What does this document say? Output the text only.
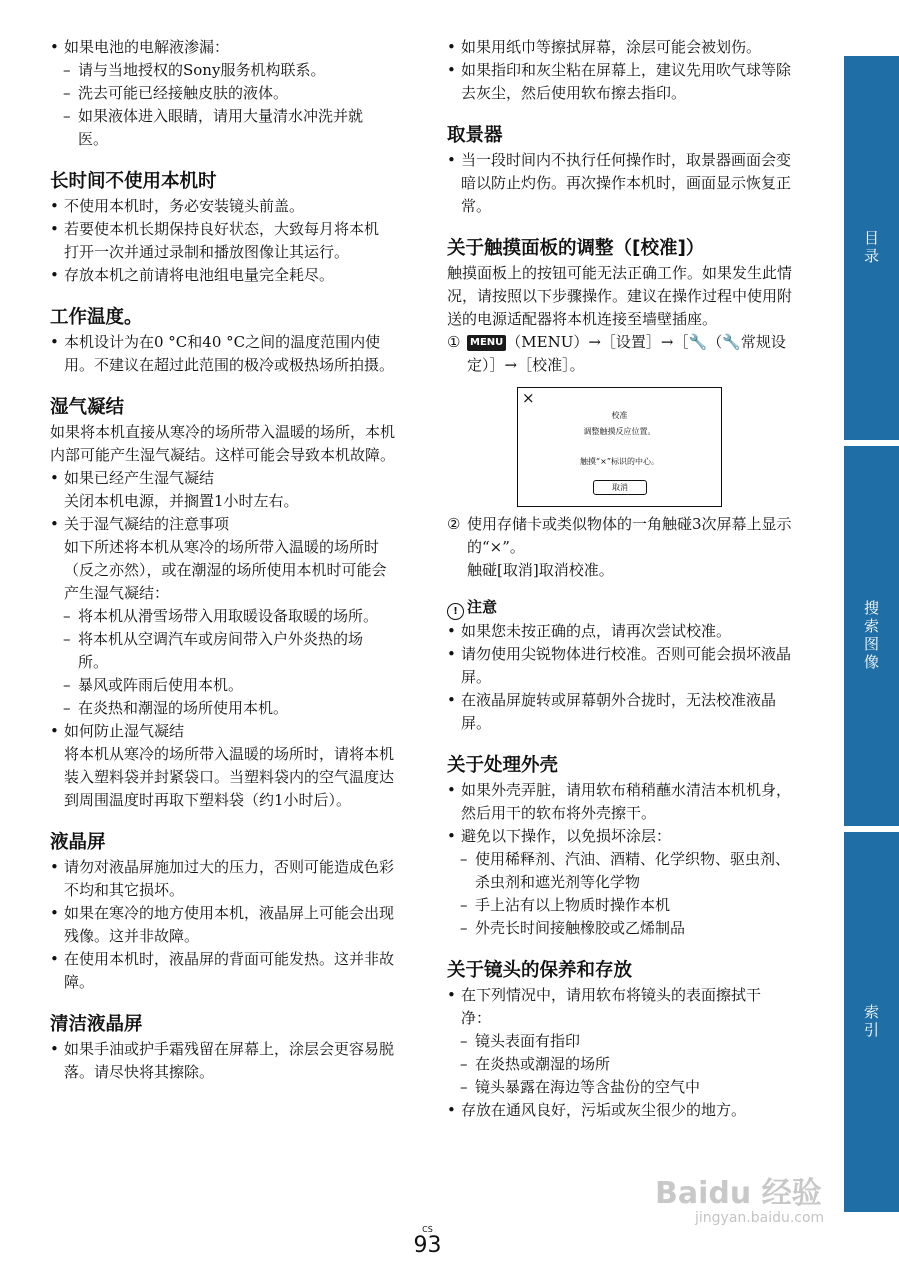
• 如果电池的电解液渗漏：
– 请与当地授权的Sony服务机构联系。
– 洗去可能已经接触皮肤的液体。
– 如果液体进入眼睛，请用大量清水冲洗并就医。
长时间不使用本机时
• 不使用本机时，务必安装镜头前盖。
• 若要使本机长期保持良好状态，大致每月将本机打开一次并通过录制和播放图像让其运行。
• 存放本机之前请将电池组电量完全耗尽。
工作温度。
• 本机设计为在0 °C和40 °C之间的温度范围内使用。不建议在超过此范围的极冷或极热场所拍摄。
湿气凝结

如果将本机直接从寒冷的场所带入温暖的场所，本机内部可能产生湿气凝结。这样可能会导致本机故障。

• 如果已经产生湿气凝结
关闭本机电源，并搁置1小时左右。
• 关于湿气凝结的注意事项
如下所述将本机从寒冷的场所带入温暖的场所时（反之亦然），或在潮湿的场所使用本机时可能会产生湿气凝结：
– 将本机从滑雪场带入用取暖设备取暖的场所。
– 将本机从空调汽车或房间带入户外炎热的场所。
– 暴风或阵雨后使用本机。
– 在炎热和潮湿的场所使用本机。
• 如何防止湿气凝结
将本机从寒冷的场所带入温暖的场所时，请将本机装入塑料袋并封紧袋口。当塑料袋内的空气温度达到周围温度时再取下塑料袋（约1小时后）。
液晶屏
• 请勿对液晶屏施加过大的压力，否则可能造成色彩不均和其它损坏。
• 如果在寒冷的地方使用本机，液晶屏上可能会出现残像。这并非故障。
• 在使用本机时，液晶屏的背面可能发热。这并非故障。
清洁液晶屏
• 如果手油或护手霜残留在屏幕上，涂层会更容易脱落。请尽快将其擦除。
• 如果用纸巾等擦拭屏幕，涂层可能会被划伤。
• 如果指印和灰尘粘在屏幕上，建议先用吹气球等除去灰尘，然后使用软布擦去指印。
取景器
• 当一段时间内不执行任何操作时，取景器画面会变暗以防止灼伤。再次操作本机时，画面显示恢复正常。
关于触摸面板的调整（[校准]）

触摸面板上的按钮可能无法正确工作。如果发生此情况，请按照以下步骤操作。建议在操作过程中使用附送的电源适配器将本机连接至墙壁插座。

① MENU （MENU）→［设置］→［🔧（🔧常规设定）］→［校准］。
×
校准
调整触摸反应位置。
触摸“×”标识的中心。
取消
② 使用存储卡或类似物体的一角触碰3次屏幕上显示的“×”。

触碰[取消]取消校准。

! 注意
• 如果您未按正确的点，请再次尝试校准。
• 请勿使用尖锐物体进行校准。否则可能会损坏液晶屏。
• 在液晶屏旋转或屏幕朝外合拢时，无法校准液晶屏。
关于处理外壳
• 如果外壳弄脏，请用软布稍稍蘸水清洁本机机身，然后用干的软布将外壳擦干。
• 避免以下操作，以免损坏涂层：
– 使用稀释剂、汽油、酒精、化学织物、驱虫剂、杀虫剂和遮光剂等化学物
– 手上沾有以上物质时操作本机
– 外壳长时间接触橡胶或乙烯制品
关于镜头的保养和存放
• 在下列情况中，请用软布将镜头的表面擦拭干净：
– 镜头表面有指印
– 在炎热或潮湿的场所
– 镜头暴露在海边等含盐份的空气中
• 存放在通风良好，污垢或灰尘很少的地方。
目录
搜索图像
索引
CS
93
Baidu 经验
jingyan.baidu.com
